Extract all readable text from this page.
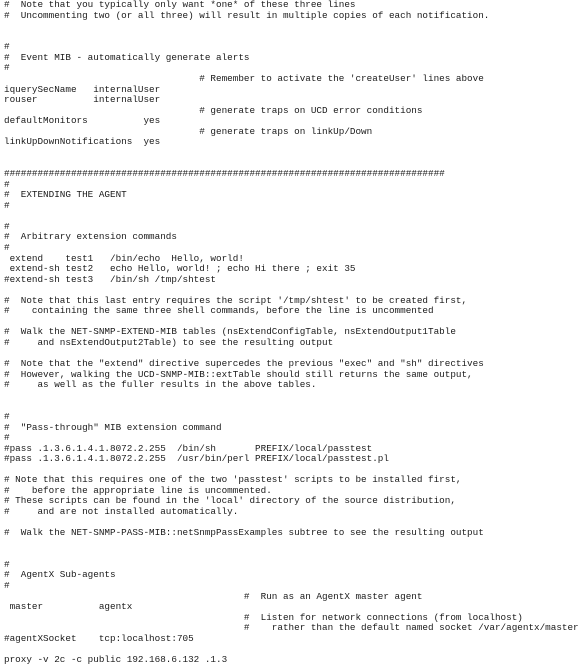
#  Note that you typically only want *one* of these three lines
#  Uncommenting two (or all three) will result in multiple copies of each notification.
#
#  Event MIB - automatically generate alerts
#
# Remember to activate the 'createUser' lines above
iquerySecName   internalUser
rouser          internalUser
# generate traps on UCD error conditions
defaultMonitors          yes
# generate traps on linkUp/Down
linkUpDownNotifications  yes
###############################################################################
#
#  EXTENDING THE AGENT
#
#
#  Arbitrary extension commands
#
extend    test1   /bin/echo  Hello, world!
extend-sh test2   echo Hello, world! ; echo Hi there ; exit 35
#extend-sh test3   /bin/sh /tmp/shtest
#  Note that this last entry requires the script '/tmp/shtest' to be created first,
#    containing the same three shell commands, before the line is uncommented
#  Walk the NET-SNMP-EXTEND-MIB tables (nsExtendConfigTable, nsExtendOutput1Table
#     and nsExtendOutput2Table) to see the resulting output
#  Note that the "extend" directive supercedes the previous "exec" and "sh" directives
#  However, walking the UCD-SNMP-MIB::extTable should still returns the same output,
#     as well as the fuller results in the above tables.
#
#  "Pass-through" MIB extension command
#
#pass .1.3.6.1.4.1.8072.2.255  /bin/sh       PREFIX/local/passtest
#pass .1.3.6.1.4.1.8072.2.255  /usr/bin/perl PREFIX/local/passtest.pl
# Note that this requires one of the two 'passtest' scripts to be installed first,
#    before the appropriate line is uncommented.
# These scripts can be found in the 'local' directory of the source distribution,
#     and are not installed automatically.
#  Walk the NET-SNMP-PASS-MIB::netSnmpPassExamples subtree to see the resulting output
#
#  AgentX Sub-agents
#
#  Run as an AgentX master agent
master          agentx
#  Listen for network connections (from localhost)
#    rather than the default named socket /var/agentx/master
#agentXSocket    tcp:localhost:705
proxy -v 2c -c public 192.168.6.132 .1.3
